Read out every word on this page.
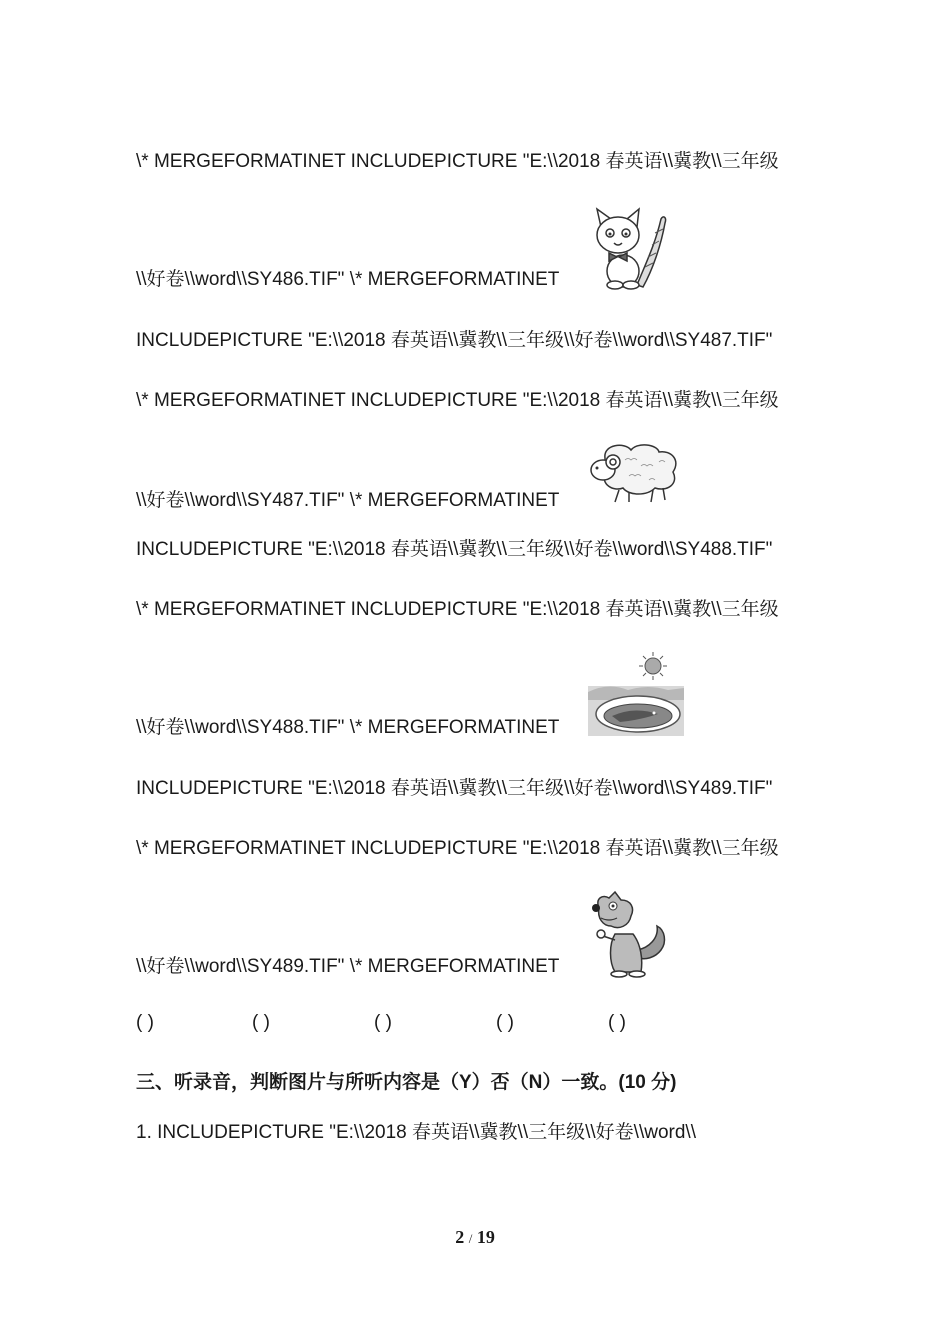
\* MERGEFORMATINET INCLUDEPICTURE "E:\\2018 春英语\\冀教\\三年级
\\好卷\\word\\SY486.TIF" \* MERGEFORMATINET
INCLUDEPICTURE "E:\\2018 春英语\\冀教\\三年级\\好卷\\word\\SY487.TIF"
\* MERGEFORMATINET INCLUDEPICTURE "E:\\2018 春英语\\冀教\\三年级
\\好卷\\word\\SY487.TIF" \* MERGEFORMATINET
INCLUDEPICTURE "E:\\2018 春英语\\冀教\\三年级\\好卷\\word\\SY488.TIF"
\* MERGEFORMATINET INCLUDEPICTURE "E:\\2018 春英语\\冀教\\三年级
\\好卷\\word\\SY488.TIF" \* MERGEFORMATINET
INCLUDEPICTURE "E:\\2018 春英语\\冀教\\三年级\\好卷\\word\\SY489.TIF"
\* MERGEFORMATINET INCLUDEPICTURE "E:\\2018 春英语\\冀教\\三年级
\\好卷\\word\\SY489.TIF" \* MERGEFORMATINET
( )	( )	( )	( )	( )
三、听录音，判断图片与所听内容是（Y）否（N）一致。(10 分)
1. INCLUDEPICTURE "E:\\2018 春英语\\冀教\\三年级\\好卷\\word\\
2 / 19
